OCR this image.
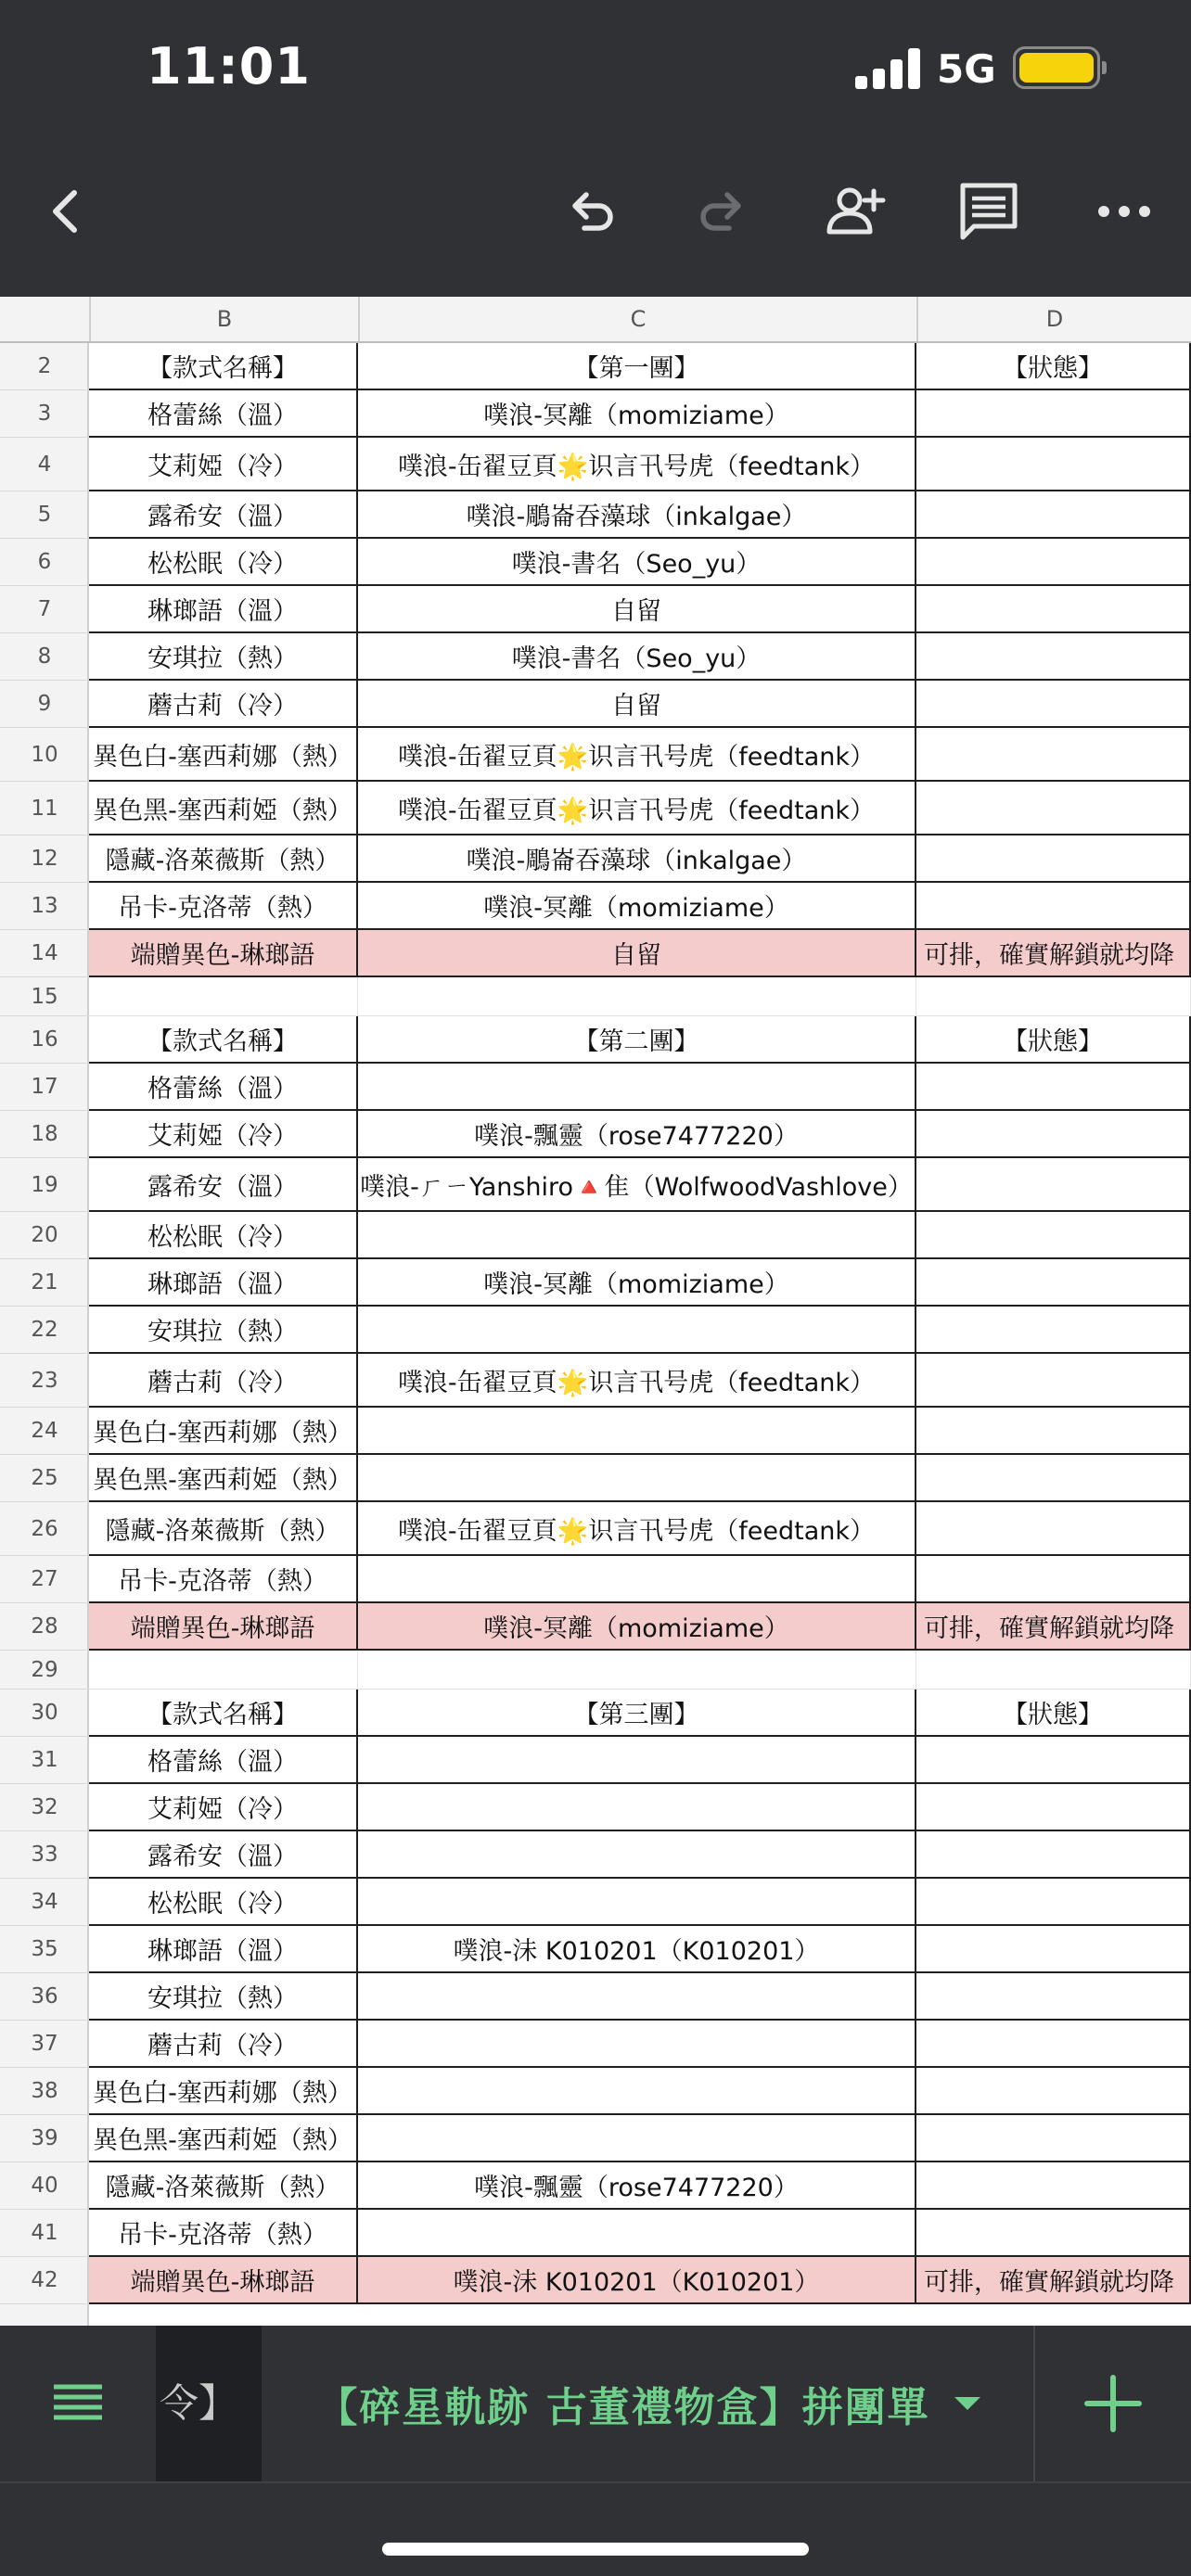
11:01	5G
B	C	D
2	【款式名稱】	【第一團】	【狀態】
3	格蕾絲（溫）	噗浪-冥離（momiziame）
4	艾莉婭（冷）	噗浪-缶翟豆頁🌟识言卂号虎（feedtank）
5	露希安（溫）	噗浪-鵰崙吞藻球（inkalgae）
6	松松眠（冷）	噗浪-書名（Seo_yu）
7	琳瑯語（溫）	自留
8	安琪拉（熱）	噗浪-書名（Seo_yu）
9	蘑古莉（冷）	自留
10	異色白-塞西莉娜（熱）	噗浪-缶翟豆頁🌟识言卂号虎（feedtank）
11	異色黑-塞西莉婭（熱）	噗浪-缶翟豆頁🌟识言卂号虎（feedtank）
12	隱藏-洛萊薇斯（熱）	噗浪-鵰崙吞藻球（inkalgae）
13	吊卡-克洛蒂（熱）	噗浪-冥離（momiziame）
14	端贈異色-琳瑯語	自留	可排，確實解鎖就均降
15
16	【款式名稱】	【第二團】	【狀態】
17	格蕾絲（溫）
18	艾莉婭（冷）	噗浪-飄靈（rose7477220）
19	露希安（溫）	噗浪-ㄏㄧYanshiro🔺隹（WolfwoodVashlove）
20	松松眠（冷）
21	琳瑯語（溫）	噗浪-冥離（momiziame）
22	安琪拉（熱）
23	蘑古莉（冷）	噗浪-缶翟豆頁🌟识言卂号虎（feedtank）
24	異色白-塞西莉娜（熱）
25	異色黑-塞西莉婭（熱）
26	隱藏-洛萊薇斯（熱）	噗浪-缶翟豆頁🌟识言卂号虎（feedtank）
27	吊卡-克洛蒂（熱）
28	端贈異色-琳瑯語	噗浪-冥離（momiziame）	可排，確實解鎖就均降
29
30	【款式名稱】	【第三團】	【狀態】
31	格蕾絲（溫）
32	艾莉婭（冷）
33	露希安（溫）
34	松松眠（冷）
35	琳瑯語（溫）	噗浪-沬 K010201（K010201）
36	安琪拉（熱）
37	蘑古莉（冷）
38	異色白-塞西莉娜（熱）
39	異色黑-塞西莉婭（熱）
40	隱藏-洛萊薇斯（熱）	噗浪-飄靈（rose7477220）
41	吊卡-克洛蒂（熱）
42	端贈異色-琳瑯語	噗浪-沬 K010201（K010201）	可排，確實解鎖就均降
令】	【碎星軌跡 古董禮物盒】拼團單
